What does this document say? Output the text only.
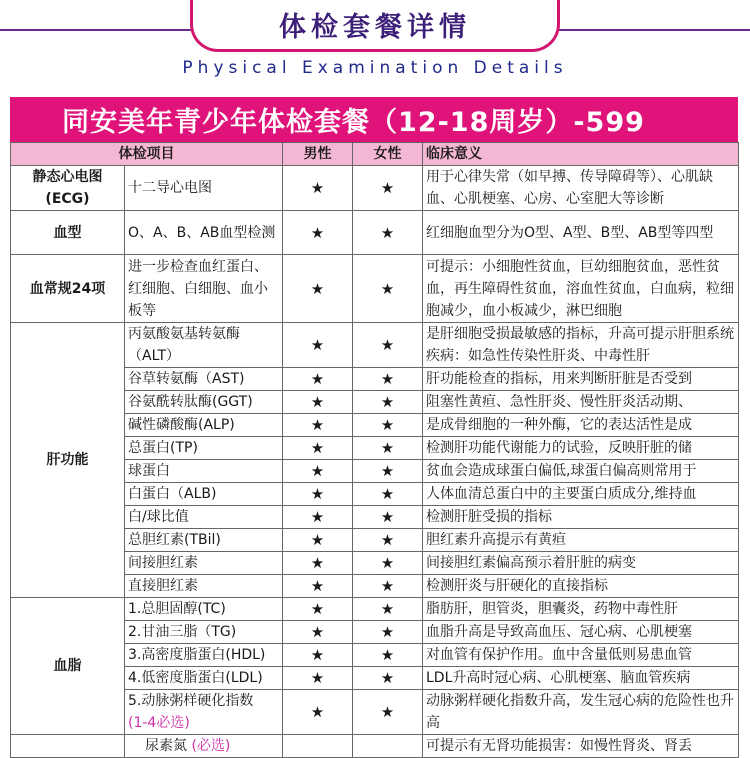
体检套餐详情
Physical Examination Details
同安美年青少年体检套餐（12-18周岁）-599
体检项目		男性	女性	临床意义
静态心电图
(ECG)	十二导心电图	★	★	用于心律失常（如早搏、传导障碍等）、心肌缺血、心肌梗塞、心房、心室肥大等诊断

血型	O、A、B、AB血型检测	★	★	红细胞血型分为O型、A型、B型、AB型等四型

血常规24项	进一步检查血红蛋白、红细胞、白细胞、血小板等	★	★	可提示：小细胞性贫血，巨幼细胞贫血，恶性贫血，再生障碍性贫血，溶血性贫血，白血病，粒细胞减少，血小板减少，淋巴细胞

肝功能	丙氨酸氨基转氨酶（ALT）	★	★	是肝细胞受损最敏感的指标，升高可提示肝胆系统疾病：如急性传染性肝炎、中毒性肝

	谷草转氨酶（AST)	★	★	肝功能检查的指标，用来判断肝脏是否受到

	谷氨酰转肽酶(GGT)	★	★	阻塞性黄疸、急性肝炎、慢性肝炎活动期、

	碱性磷酸酶(ALP)	★	★	是成骨细胞的一种外酶，它的表达活性是成

	总蛋白(TP)	★	★	检测肝功能代谢能力的试验，反映肝脏的储

	球蛋白	★	★	贫血会造成球蛋白偏低,球蛋白偏高则常用于

	白蛋白（ALB)	★	★	人体血清总蛋白中的主要蛋白质成分,维持血

	白/球比值	★	★	检测肝脏受损的指标

	总胆红素(TBil)	★	★	胆红素升高提示有黄疸

	间接胆红素	★	★	间接胆红素偏高预示着肝脏的病变

	直接胆红素	★	★	检测肝炎与肝硬化的直接指标

血脂	1.总胆固醇(TC)	★	★	脂肪肝，胆管炎，胆囊炎，药物中毒性肝

	2.甘油三脂（TG)	★	★	血脂升高是导致高血压、冠心病、心肌梗塞

	3.高密度脂蛋白(HDL)	★	★	对血管有保护作用。血中含量低则易患血管

	4.低密度脂蛋白(LDL)	★	★	LDL升高时冠心病、心肌梗塞、脑血管疾病

	5.动脉粥样硬化指数
(1-4必选)	★	★	动脉粥样硬化指数升高，发生冠心病的危险性也升高

	尿素氮 (必选)			可提示有无肾功能损害：如慢性肾炎、肾丢
